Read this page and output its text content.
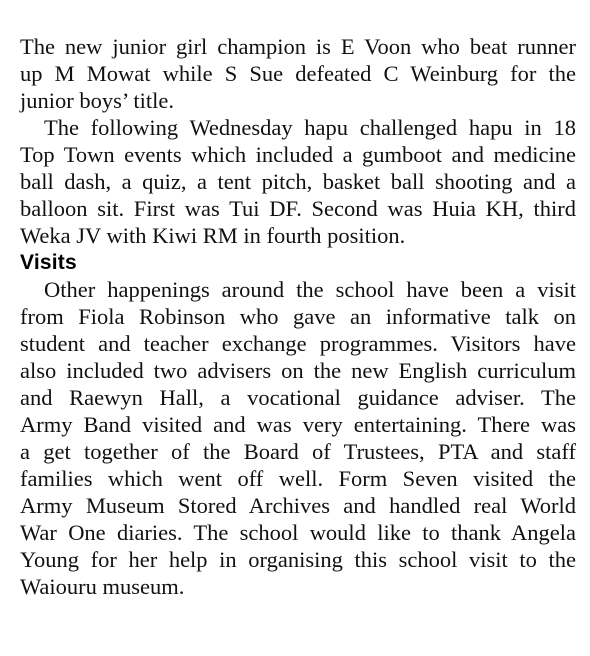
The new junior girl champion is E Voon who beat runner
up M Mowat while S Sue defeated C Weinburg for the
junior boys’ title.

The following Wednesday hapu challenged hapu in 18
Top Town events which included a gumboot and medicine
ball dash, a quiz, a tent pitch, basket ball shooting and a
balloon sit. First was Tui DF. Second was Huia KH, third
Weka JV with Kiwi RM in fourth position.

Visits

Other happenings around the school have been a visit
from Fiola Robinson who gave an informative talk on
student and teacher exchange programmes. Visitors have
also included two advisers on the new English curriculum
and Raewyn Hall, a vocational guidance adviser. The
Army Band visited and was very entertaining. There was
a get together of the Board of Trustees, PTA and staff
families which went off well. Form Seven visited the
Army Museum Stored Archives and handled real World
War One diaries. The school would like to thank Angela
Young for her help in organising this school visit to the
Waiouru museum.
